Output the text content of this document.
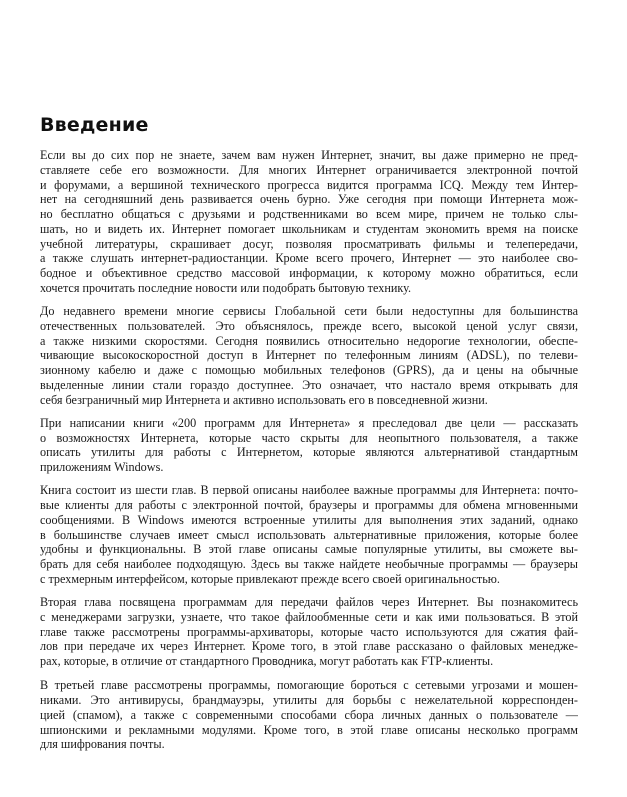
Введение
Если вы до сих пор не знаете, зачем вам нужен Интернет, значит, вы даже примерно не пред-
ставляете себе его возможности. Для многих Интернет ограничивается электронной почтой
и форумами, а вершиной технического прогресса видится программа ICQ. Между тем Интер-
нет на сегодняшний день развивается очень бурно. Уже сегодня при помощи Интернета мож-
но бесплатно общаться с друзьями и родственниками во всем мире, причем не только слы-
шать, но и видеть их. Интернет помогает школьникам и студентам экономить время на поиске
учебной литературы, скрашивает досуг, позволяя просматривать фильмы и телепередачи,
а также слушать интернет-радиостанции. Кроме всего прочего, Интернет — это наиболее сво-
бодное и объективное средство массовой информации, к которому можно обратиться, если
хочется прочитать последние новости или подобрать бытовую технику.
До недавнего времени многие сервисы Глобальной сети были недоступны для большинства
отечественных пользователей. Это объяснялось, прежде всего, высокой ценой услуг связи,
а также низкими скоростями. Сегодня появились относительно недорогие технологии, обеспе-
чивающие высокоскоростной доступ в Интернет по телефонным линиям (ADSL), по телеви-
зионному кабелю и даже с помощью мобильных телефонов (GPRS), да и цены на обычные
выделенные линии стали гораздо доступнее. Это означает, что настало время открывать для
себя безграничный мир Интернета и активно использовать его в повседневной жизни.
При написании книги «200 программ для Интернета» я преследовал две цели — рассказать
о возможностях Интернета, которые часто скрыты для неопытного пользователя, а также
описать утилиты для работы с Интернетом, которые являются альтернативой стандартным
приложениям Windows.
Книга состоит из шести глав. В первой описаны наиболее важные программы для Интернета: почто-
вые клиенты для работы с электронной почтой, браузеры и программы для обмена мгновенными
сообщениями. В Windows имеются встроенные утилиты для выполнения этих заданий, однако
в большинстве случаев имеет смысл использовать альтернативные приложения, которые более
удобны и функциональны. В этой главе описаны самые популярные утилиты, вы сможете вы-
брать для себя наиболее подходящую. Здесь вы также найдете необычные программы — браузеры
с трехмерным интерфейсом, которые привлекают прежде всего своей оригинальностью.
Вторая глава посвящена программам для передачи файлов через Интернет. Вы познакомитесь
с менеджерами загрузки, узнаете, что такое файлообменные сети и как ими пользоваться. В этой
главе также рассмотрены программы-архиваторы, которые часто используются для сжатия фай-
лов при передаче их через Интернет. Кроме того, в этой главе рассказано о файловых менеджe-
рах, которые, в отличие от стандартного Проводника, могут работать как FTP-клиенты.
В третьей главе рассмотрены программы, помогающие бороться с сетевыми угрозами и мошен-
никами. Это антивирусы, брандмауэры, утилиты для борьбы с нежелательной корреспонден-
цией (спамом), а также с современными способами сбора личных данных о пользователе —
шпионскими и рекламными модулями. Кроме того, в этой главе описаны несколько программ
для шифрования почты.
